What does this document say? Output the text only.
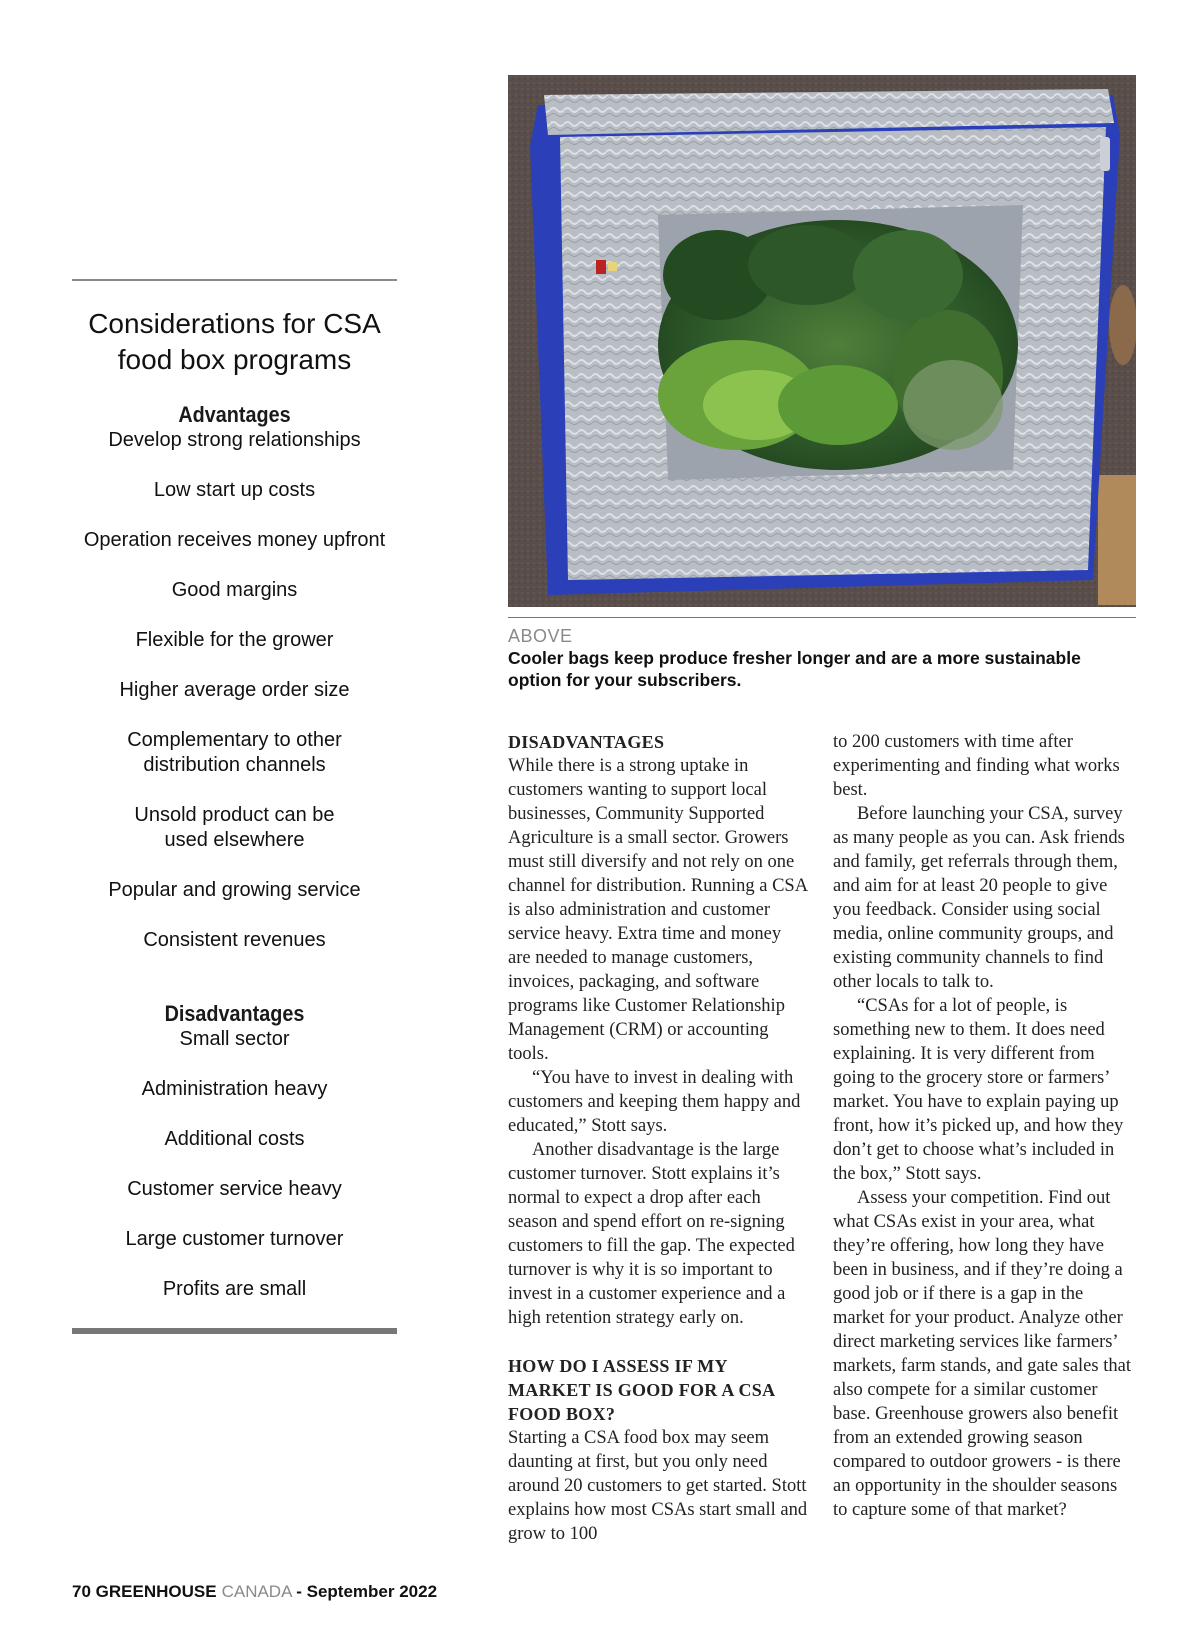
Considerations for CSA food box programs
Advantages
Develop strong relationships
Low start up costs
Operation receives money upfront
Good margins
Flexible for the grower
Higher average order size
Complementary to other distribution channels
Unsold product can be used elsewhere
Popular and growing service
Consistent revenues
Disadvantages
Small sector
Administration heavy
Additional costs
Customer service heavy
Large customer turnover
Profits are small
ABOVE
Cooler bags keep produce fresher longer and are a more sustainable option for your subscribers.

DISADVANTAGES

While there is a strong uptake in customers wanting to support local businesses, Community Supported Agriculture is a small sector. Growers must still diversify and not rely on one channel for distribution. Running a CSA is also administration and customer service heavy. Extra time and money are needed to manage customers, invoices, packaging, and software programs like Customer Relationship Management (CRM) or accounting tools.

“You have to invest in dealing with customers and keeping them happy and educated,” Stott says.

Another disadvantage is the large customer turnover. Stott explains it’s normal to expect a drop after each season and spend effort on re-signing customers to fill the gap. The expected turnover is why it is so important to invest in a customer experience and a high retention strategy early on.

HOW DO I ASSESS IF MY MARKET IS GOOD FOR A CSA FOOD BOX?

Starting a CSA food box may seem daunting at first, but you only need around 20 customers to get started. Stott explains how most CSAs start small and grow to 100

to 200 customers with time after experimenting and finding what works best.

Before launching your CSA, survey as many people as you can. Ask friends and family, get referrals through them, and aim for at least 20 people to give you feedback. Consider using social media, online community groups, and existing community channels to find other locals to talk to.

“CSAs for a lot of people, is something new to them. It does need explaining. It is very different from going to the grocery store or farmers’ market. You have to explain paying up front, how it’s picked up, and how they don’t get to choose what’s included in the box,” Stott says.

Assess your competition. Find out what CSAs exist in your area, what they’re offering, how long they have been in business, and if they’re doing a good job or if there is a gap in the market for your product. Analyze other direct marketing services like farmers’ markets, farm stands, and gate sales that also compete for a similar customer base. Greenhouse growers also benefit from an extended growing season compared to outdoor growers - is there an opportunity in the shoulder seasons to capture some of that market?

70 GREENHOUSE CANADA - September 2022
